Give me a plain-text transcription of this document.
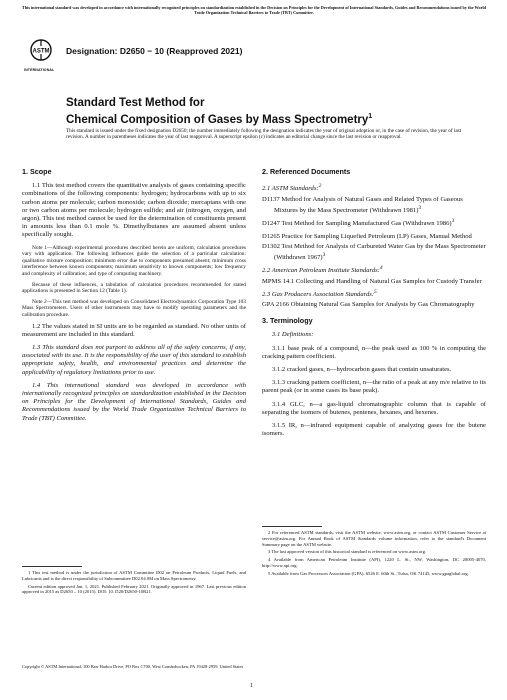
This international standard was developed in accordance with internationally recognized principles on standardization established in the Decision on Principles for the Development of International Standards, Guides and Recommendations issued by the World Trade Organization Technical Barriers to Trade (TBT) Committee.
ASTM
INTERNATIONAL
Designation: D2650 − 10 (Reapproved 2021)
Standard Test Method for
Chemical Composition of Gases by Mass Spectrometry$^1$
This standard is issued under the fixed designation D2650; the number immediately following the designation indicates the year of original adoption or, in the case of revision, the year of last revision. A number in parentheses indicates the year of last reapproval. A superscript epsilon (ε) indicates an editorial change since the last revision or reapproval.
1. Scope

1.1 This test method covers the quantitative analysis of gases containing specific combinations of the following components: hydrogen; hydrocarbons with up to six carbon atoms per molecule; carbon monoxide; carbon dioxide; mercaptans with one or two carbon atoms per molecule; hydrogen sulfide; and air (nitrogen, oxygen, and argon). This test method cannot be used for the determination of constituents present in amounts less than 0.1 mole %. Dimethylbutanes are assumed absent unless specifically sought.

Note 1—Although experimental procedures described herein are uniform, calculation procedures vary with application. The following influences guide the selection of a particular calculation: qualitative mixture composition; minimum error due to components presumed absent; minimum cross interference between known components; maximum sensitivity to known components; low frequency and complexity of calibration; and type of computing machinery.

Because of these influences, a tabulation of calculation procedures recommended for stated applications is presented in Section 12 (Table 1).

Note 2—This test method was developed on Consolidated Electrodynamics Corporation Type 103 Mass Spectrometers. Users of other instruments may have to modify operating parameters and the calibration procedure.

1.2 The values stated in SI units are to be regarded as standard. No other units of measurement are included in this standard.

1.3 This standard does not purport to address all of the safety concerns, if any, associated with its use. It is the responsibility of the user of this standard to establish appropriate safety, health, and environmental practices and determine the applicability of regulatory limitations prior to use.

1.4 This international standard was developed in accordance with internationally recognized principles on standardization established in the Decision on Principles for the Development of International Standards, Guides and Recommendations issued by the World Trade Organization Technical Barriers to Trade (TBT) Committee.

2. Referenced Documents
2.1 ASTM Standards:$^2$
D1137 Method for Analysis of Natural Gases and Related Types of Gaseous Mixtures by the Mass Spectrometer (Withdrawn 1981)$^3$
D1247 Test Method for Sampling Manufactured Gas (Withdrawn 1986)$^3$
D1265 Practice for Sampling Liquefied Petroleum (LP) Gases, Manual Method
D1302 Test Method for Analysis of Carbureted Water Gas by the Mass Spectrometer (Withdrawn 1967)$^3$
2.2 American Petroleum Institute Standards:$^4$
MPMS 14.1 Collecting and Handling of Natural Gas Samples for Custody Transfer
2.3 Gas Producers Association Standards:$^5$
GPA 2166 Obtaining Natural Gas Samples for Analysis by Gas Chromatography
3. Terminology

3.1 Definitions:

3.1.1 base peak of a compound, n—the peak used as 100 % in computing the cracking pattern coefficient.

3.1.2 cracked gases, n—hydrocarbon gases that contain unsaturates.

3.1.3 cracking pattern coefficient, n—the ratio of a peak at any m/e relative to its parent peak (or in some cases its base peak).

3.1.4 GLC, n—a gas-liquid chromatographic column that is capable of separating the isomers of butenes, pentenes, hexanes, and hexenes.

3.1.5 IR, n—infrared equipment capable of analyzing gases for the butene isomers.

2 For referenced ASTM standards, visit the ASTM website, www.astm.org, or contact ASTM Customer Service at service@astm.org. For Annual Book of ASTM Standards volume information, refer to the standard's Document Summary page on the ASTM website.

3 The last approved version of this historical standard is referenced on www.astm.org.

4 Available from American Petroleum Institute (API), 1220 L. St., NW, Washington, DC 20005-4070, http://www.api.org.

5 Available from Gas Processors Association (GPA), 6526 E. 60th St., Tulsa, OK 74145, www.gpaglobal.org.

1 This test method is under the jurisdiction of ASTM Committee D02 on Petroleum Products, Liquid Fuels, and Lubricants and is the direct responsibility of Subcommittee D02.04.0M on Mass Spectrometry.

Current edition approved Jan. 1, 2021. Published February 2021. Originally approved in 1967. Last previous edition approved in 2015 as D2650 – 10 (2015). DOI: 10.1520/D2650-10R21.

Copyright © ASTM International, 100 Barr Harbor Drive, PO Box C700, West Conshohocken, PA 19428-2959. United States
1
